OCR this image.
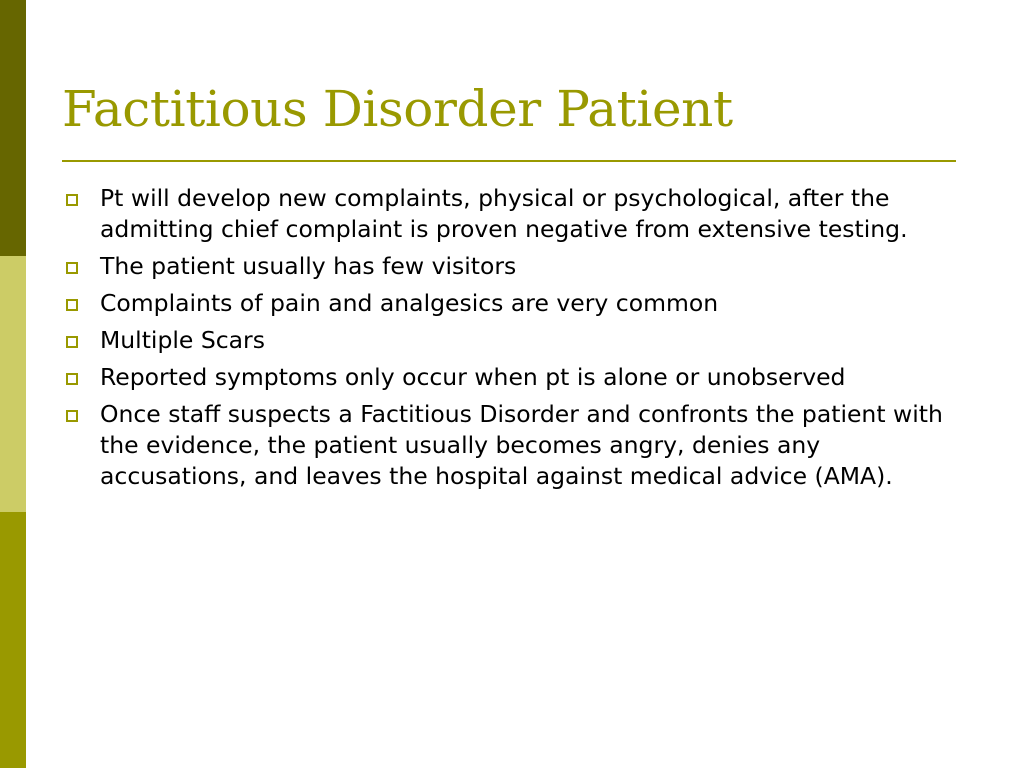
Factitious Disorder Patient
Pt will develop new complaints, physical or psychological, after the admitting chief complaint is proven negative from extensive testing.
The patient usually has few visitors
Complaints of pain and analgesics are very common
Multiple Scars
Reported symptoms only occur when pt is alone or unobserved
Once staff suspects a Factitious Disorder and confronts the patient with the evidence, the patient usually becomes angry, denies any accusations, and leaves the hospital against medical advice (AMA).
